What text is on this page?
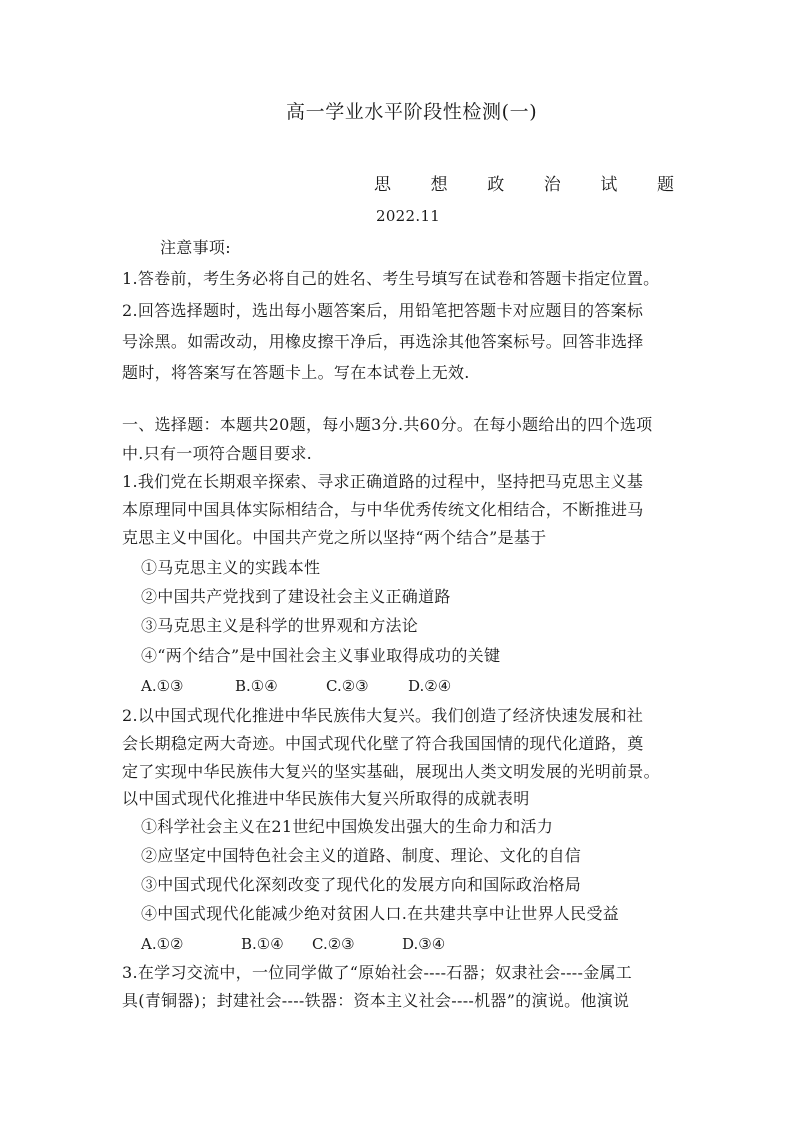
高一学业水平阶段性检测(一)
思 想 政 治 试 题
2022.11
注意事项:
1.答卷前，考生务必将自己的姓名、考生号填写在试卷和答题卡指定位置。
2.回答选择题时，选出每小题答案后，用铅笔把答题卡对应题目的答案标
号涂黑。如需改动，用橡皮擦干净后，再选涂其他答案标号。回答非选择
题时，将答案写在答题卡上。写在本试卷上无效.
一、选择题：本题共20题，每小题3分.共60分。在每小题给出的四个选项
中.只有一项符合题目要求.
1.我们党在长期艰辛探索、寻求正确道路的过程中，坚持把马克思主义基
本原理同中国具体实际相结合，与中华优秀传统文化相结合，不断推进马
克思主义中国化。中国共产党之所以坚持“两个结合”是基于
①马克思主义的实践本性
②中国共产党找到了建设社会主义正确道路
③马克思主义是科学的世界观和方法论
④“两个结合”是中国社会主义事业取得成功的关键
A.①③	B.①④	C.②③	D.②④
2.以中国式现代化推进中华民族伟大复兴。我们创造了经济快速发展和社
会长期稳定两大奇迹。中国式现代化壁了符合我国国情的现代化道路，奠
定了实现中华民族伟大复兴的坚实基础，展现出人类文明发展的光明前景。
以中国式现代化推进中华民族伟大复兴所取得的成就表明
①科学社会主义在21世纪中国焕发出强大的生命力和活力
②应坚定中国特色社会主义的道路、制度、理论、文化的自信
③中国式现代化深刻改变了现代化的发展方向和国际政治格局
④中国式现代化能减少绝对贫困人口.在共建共享中让世界人民受益
A.①②	B.①④ C.②③	D.③④
3.在学习交流中，一位同学做了“原始社会----石器；奴隶社会----金属工
具(青铜器)；封建社会----铁器：资本主义社会----机器”的演说。他演说
